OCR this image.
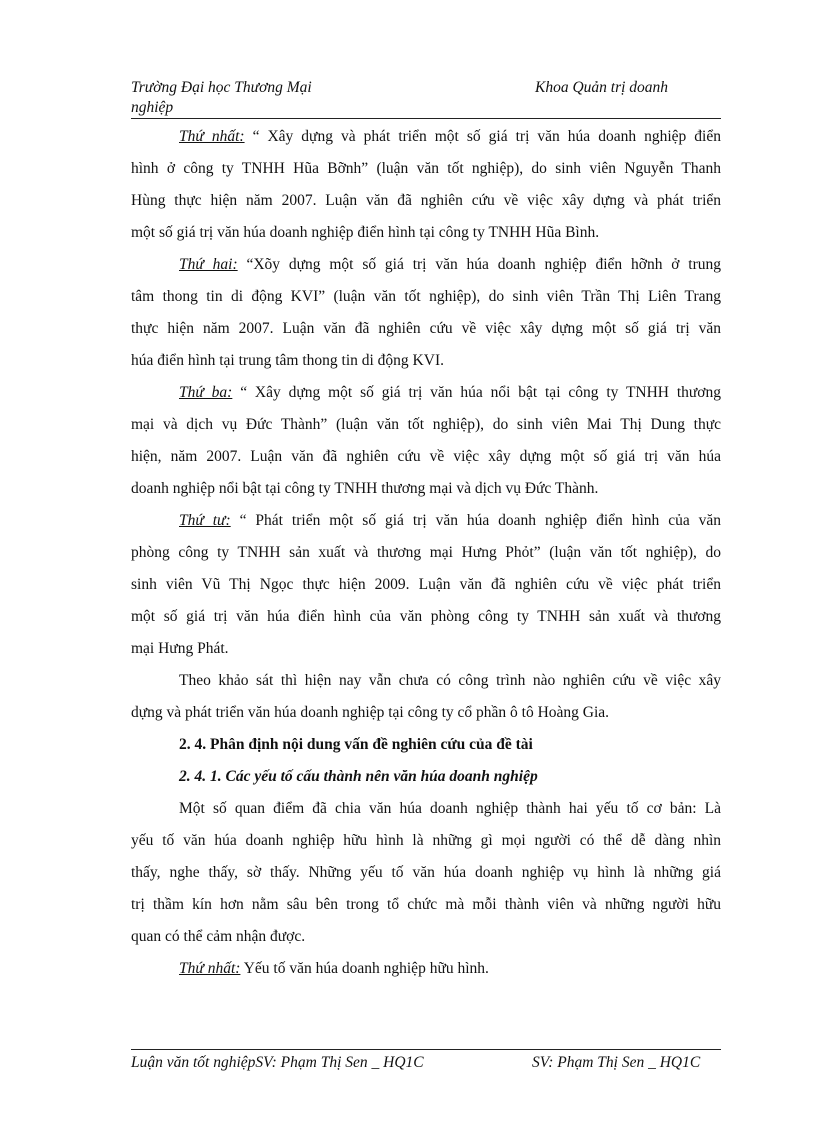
Trường Đại học Thương Mại	Khoa Quản trị doanh
nghiệp
Thứ nhất: “ Xây dựng và phát triển một số giá trị văn húa doanh nghiệp điển
hình ở công ty TNHH Hũa Bỡnh” (luận văn tốt nghiệp), do sinh viên Nguyễn Thanh
Hùng thực hiện năm 2007. Luận văn đã nghiên cứu về việc xây dựng và phát triển
một số giá trị văn húa doanh nghiệp điển hình tại công ty TNHH Hũa Bình.
Thứ hai: “Xõy dựng một số giá trị văn húa doanh nghiệp điển hỡnh ở trung
tâm thong tin di động KVI” (luận văn tốt nghiệp), do sinh viên Trần Thị Liên Trang
thực hiện năm 2007. Luận văn đã nghiên cứu về việc xây dựng một số giá trị văn
húa điển hình tại trung tâm thong tin di động KVI.
Thứ ba: “ Xây dựng một số giá trị văn húa nổi bật tại công ty TNHH thương
mại và dịch vụ Đức Thành” (luận văn tốt nghiệp), do sinh viên Mai Thị Dung thực
hiện, năm 2007. Luận văn đã nghiên cứu về việc xây dựng một số giá trị văn húa
doanh nghiệp nổi bật tại công ty TNHH thương mại và dịch vụ Đức Thành.
Thứ tư: “ Phát triển một số giá trị văn húa doanh nghiệp điển hình của văn
phòng công ty TNHH sản xuất và thương mại Hưng Phỏt” (luận văn tốt nghiệp), do
sinh viên Vũ Thị Ngọc thực hiện 2009. Luận văn đã nghiên cứu về việc phát triển
một số giá trị văn húa điển hình của văn phòng công ty TNHH sản xuất và thương
mại Hưng Phát.
Theo khảo sát thì hiện nay vẫn chưa có công trình nào nghiên cứu về việc xây
dựng và phát triển văn húa doanh nghiệp tại công ty cổ phần ô tô Hoàng Gia.
2. 4. Phân định nội dung vấn đề nghiên cứu của đề tài
2. 4. 1. Các yếu tố cấu thành nên văn húa doanh nghiệp
Một số quan điểm đã chia văn húa doanh nghiệp thành hai yếu tố cơ bản: Là
yếu tố văn húa doanh nghiệp hữu hình là những gì mọi người có thể dễ dàng nhìn
thấy, nghe thấy, sờ thấy. Những yếu tố văn húa doanh nghiệp vụ hình là những giá
trị thầm kín hơn nằm sâu bên trong tổ chức mà mỗi thành viên và những người hữu
quan có thể cảm nhận được.
Thứ nhất: Yếu tố văn húa doanh nghiệp hữu hình.
Luận văn tốt nghiệpSV: Phạm Thị Sen _ HQ1C	SV: Phạm Thị Sen _ HQ1C
